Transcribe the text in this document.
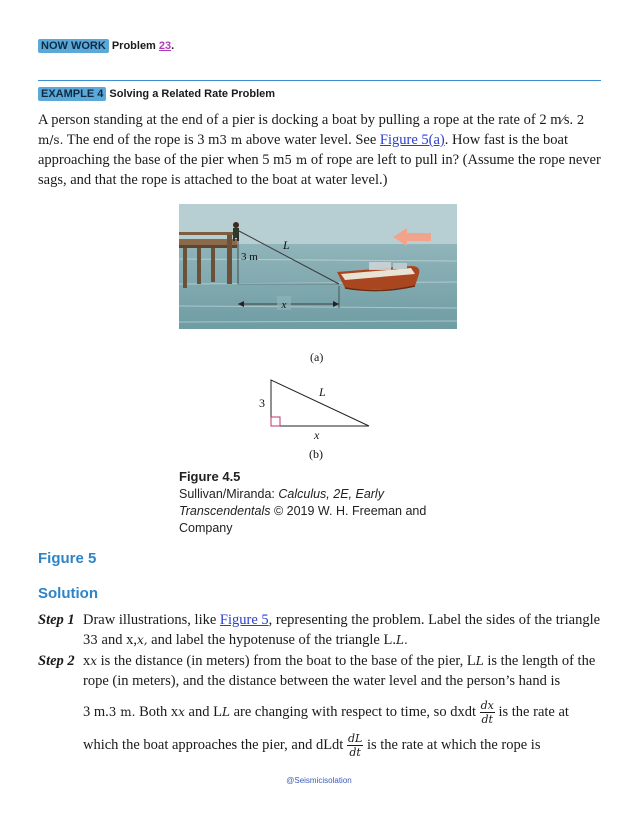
NOW WORK Problem 23.
EXAMPLE 4 Solving a Related Rate Problem
A person standing at the end of a pier is docking a boat by pulling a rope at the rate of 2 m⁄s. 2 m/s. The end of the rope is 3 m3 m above water level. See Figure 5(a). How fast is the boat approaching the base of the pier when 5 m5 m of rope are left to pull in? (Assume the rope never sags, and that the rope is attached to the boat at water level.)
x
L
3 m
(a)
3
L
x
(b)
Figure 4.5
Sullivan/Miranda: Calculus, 2E, Early
Transcendentals © 2019 W. H. Freeman and
Company
Figure 5
Solution
Step 1 Draw illustrations, like Figure 5, representing the problem. Label the sides of the triangle 33 and x,x, and label the hypotenuse of the triangle L.L.
Step 2 xx is the distance (in meters) from the boat to the base of the pier, LL is the length of the rope (in meters), and the distance between the water level and the person’s hand is
3 m.3 m. Both xx and LL are changing with respect to time, so dxdt $\frac{dx}{dt}$ is the rate at
which the boat approaches the pier, and dLdt $\frac{dL}{dt}$ is the rate at which the rope is
@Seismicisolation
